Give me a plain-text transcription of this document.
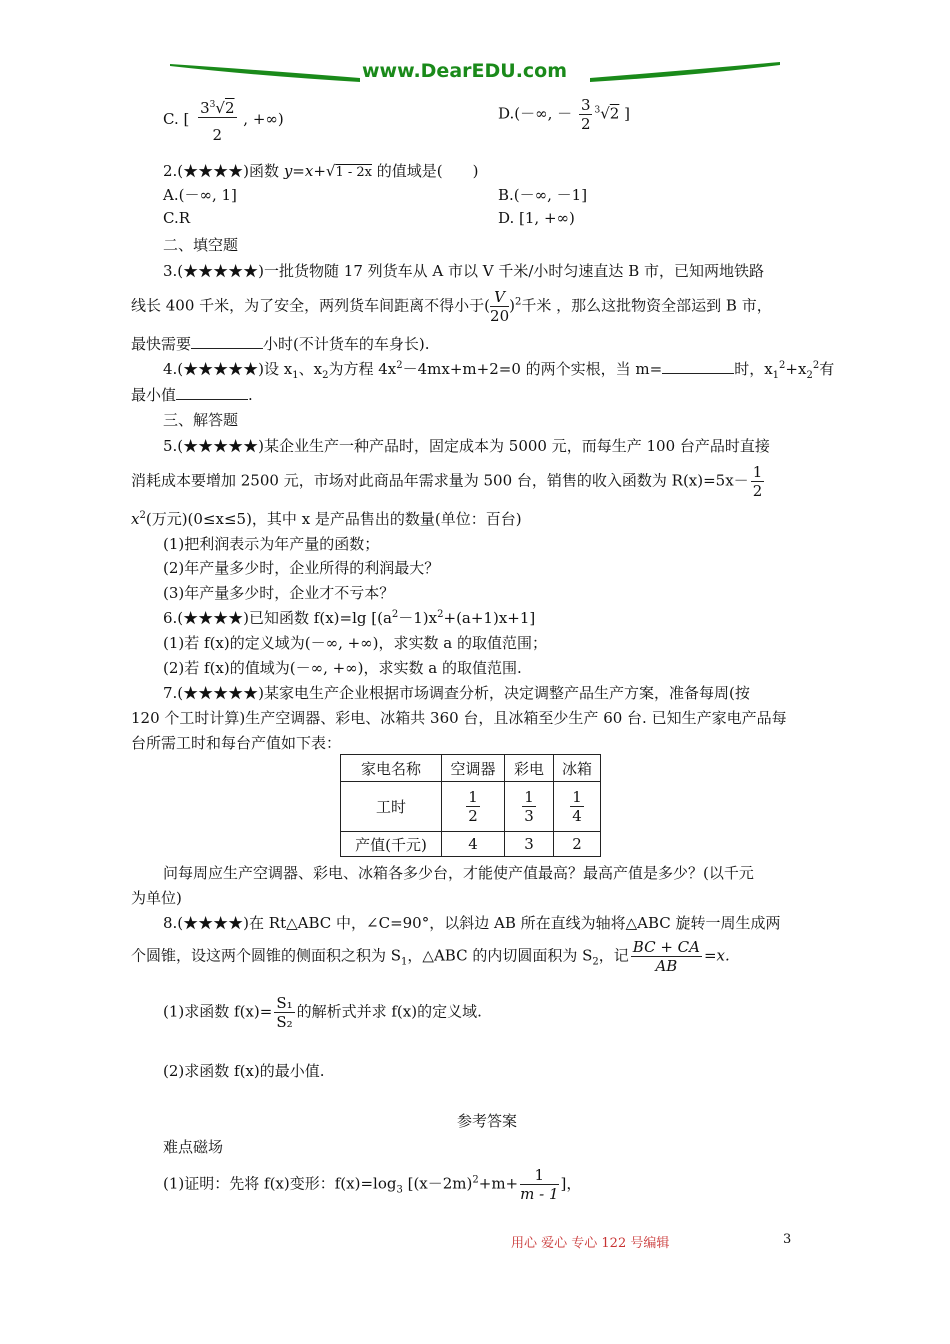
www.DearEDU.com
C. [ $\frac{3^3√2}{2}$ , +∞)	D.(－∞, － $\frac{3}{2} ^3√2$ ]
2.(★★★★)函数 y=x+√1 - 2x 的值域是(　　)
A.(－∞, 1]	B.(－∞, －1]
C.R	D. [1, +∞)
二、填空题
3.(★★★★★)一批货物随 17 列货车从 A 市以 V 千米/小时匀速直达 B 市，已知两地铁路
线长 400 千米，为了安全，两列货车间距离不得小于( $\frac{V}{20} )^2$千米 ，那么这批物资全部运到 B 市，
最快需要	小时(不计货车的车身长).
4.(★★★★★)设 $x_1$、$x_2$为方程 $4x^2-4mx+m+2=0$ 的两个实根，当 m=	时，$x_1^2+x_2^2$有
最小值	.
三、解答题
5.(★★★★★)某企业生产一种产品时，固定成本为 5000 元，而每生产 100 台产品时直接
消耗成本要增加 2500 元，市场对此商品年需求量为 500 台，销售的收入函数为 $R(x)=5x- \frac{1}{2}$
$x^2$(万元)(0≤x≤5)，其中 x 是产品售出的数量(单位：百台)
(1)把利润表示为年产量的函数；
(2)年产量多少时，企业所得的利润最大？
(3)年产量多少时，企业才不亏本？
6.(★★★★)已知函数 f(x)=lg $[(a^2-1)x^2+(a+1)x+1]$
(1)若 f(x)的定义域为(－∞, +∞)，求实数 a 的取值范围；
(2)若 f(x)的值域为(－∞, +∞)，求实数 a 的取值范围.
7.(★★★★★)某家电生产企业根据市场调查分析，决定调整产品生产方案，准备每周(按
120 个工时计算)生产空调器、彩电、冰箱共 360 台，且冰箱至少生产 60 台. 已知生产家电产品每
台所需工时和每台产值如下表：
家电名称	空调器	彩电	冰箱
工时	$\frac{1}{2}$	$\frac{1}{3}$	$\frac{1}{4}$

产值(千元)	4	3	2
问每周应生产空调器、彩电、冰箱各多少台，才能使产值最高？最高产值是多少？(以千元
为单位)
8.(★★★★)在 Rt△ABC 中，∠C=90°，以斜边 AB 所在直线为轴将△ABC 旋转一周生成两
个圆锥，设这两个圆锥的侧面积之积为 $S_1$，△ABC 的内切圆面积为 $S_2$，记 $\frac{BC + CA}{AB} =x$.
(1)求函数 $f(x)= \frac{\text{S₁}}{\text{S₂}}$ 的解析式并求 f(x)的定义域.
(2)求函数 f(x)的最小值.
参考答案
难点磁场
(1)证明：先将 f(x)变形：$f(x)=\log_3$ [$(x-2m)^2+m+ \frac{1}{m - 1}$ ]，
用心 爱心 专心 122 号编辑	3
